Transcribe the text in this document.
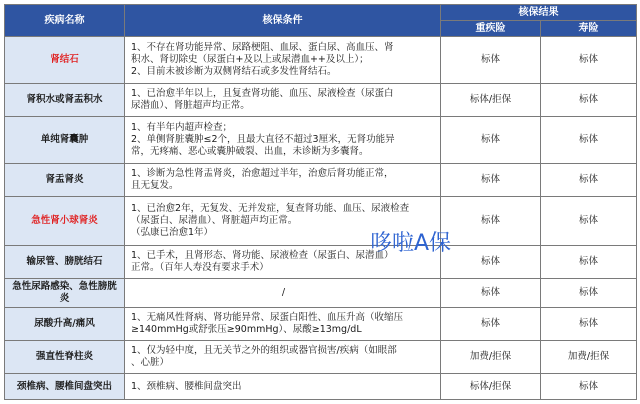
疾病名称	核保条件	核保结果	
		重疾险	寿险
肾结石	1、不存在肾功能异常、尿路梗阻、血尿、蛋白尿、高血压、肾
积水、肾切除史（尿蛋白+及以上或尿潜血++及以上）；
2、目前未被诊断为双侧肾结石或多发性肾结石。	标体	标体
肾积水或肾盂积水	1、已治愈半年以上，且复查肾功能、血压、尿液检查（尿蛋白
尿潜血）、肾脏超声均正常。	标体/拒保	标体
单纯肾囊肿	1、有半年内超声检查；
2、单侧肾脏囊肿≤2个，且最大直径不超过3厘米，无肾功能异
常，无疼痛、恶心或囊肿破裂、出血，未诊断为多囊肾。	标体	标体
肾盂肾炎	1、诊断为急性肾盂肾炎，治愈超过半年，治愈后肾功能正常，
且无复发。	标体	标体
急性肾小球肾炎	1、已治愈2年，无复发、无并发症，复查肾功能、血压、尿液检查
（尿蛋白、尿潜血）、肾脏超声均正常。
（弘康已治愈1年）	标体	标体
输尿管、膀胱结石	1、已手术，且肾形态、肾功能、尿液检查（尿蛋白、尿潜血）
正常。（百年人寿没有要求手术）	标体	标体
急性尿路感染、急性膀胱炎	/	标体	标体
尿酸升高/痛风	1、无痛风性肾病、肾功能异常、尿蛋白阳性、血压升高（收缩压
≥140mmHg或舒张压≥90mmHg）、尿酸≥13mg/dL	标体	标体
强直性脊柱炎	1、仅为轻中度，且无关节之外的组织或器官损害/疾病（如眼部
、心脏）	加费/拒保	加费/拒保
颈椎病、腰椎间盘突出	1、颈椎病、腰椎间盘突出	标体/拒保	标体
哆啦A保
